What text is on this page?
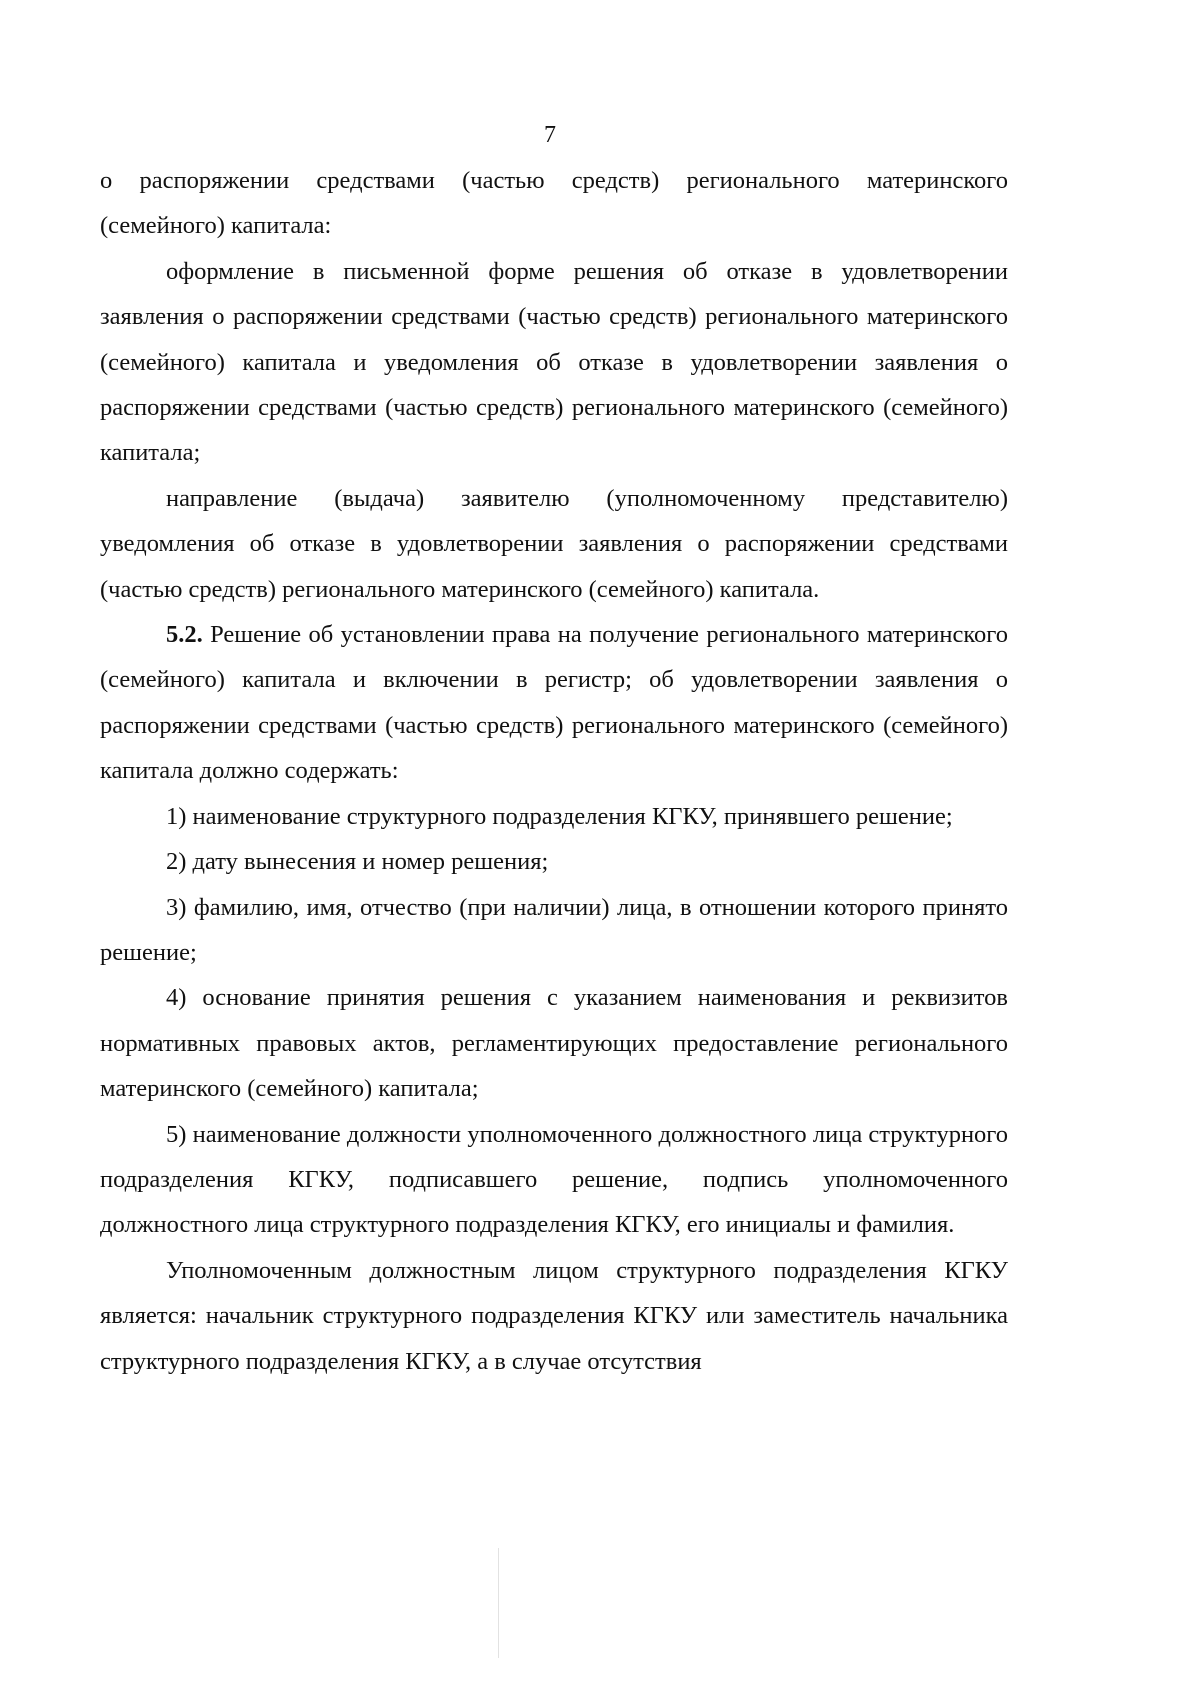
7

о распоряжении средствами (частью средств) регионального материнского (семейного) капитала:

оформление в письменной форме решения об отказе в удовлетворении заявления о распоряжении средствами (частью средств) регионального материнского (семейного) капитала и уведомления об отказе в удовлетворении заявления о распоряжении средствами (частью средств) регионального материнского (семейного) капитала;

направление (выдача) заявителю (уполномоченному представителю) уведомления об отказе в удовлетворении заявления о распоряжении средствами (частью средств) регионального материнского (семейного) капитала.

5.2. Решение об установлении права на получение регионального материнского (семейного) капитала и включении в регистр; об удовлетворении заявления о распоряжении средствами (частью средств) регионального материнского (семейного) капитала должно содержать:

1) наименование структурного подразделения КГКУ, принявшего решение;

2) дату вынесения и номер решения;

3) фамилию, имя, отчество (при наличии) лица, в отношении которого принято решение;

4) основание принятия решения с указанием наименования и реквизитов нормативных правовых актов, регламентирующих предоставление регионального материнского (семейного) капитала;

5) наименование должности уполномоченного должностного лица структурного подразделения КГКУ, подписавшего решение, подпись уполномоченного должностного лица структурного подразделения КГКУ, его инициалы и фамилия.

Уполномоченным должностным лицом структурного подразделения КГКУ является: начальник структурного подразделения КГКУ или заместитель начальника структурного подразделения КГКУ, а в случае отсутствия
